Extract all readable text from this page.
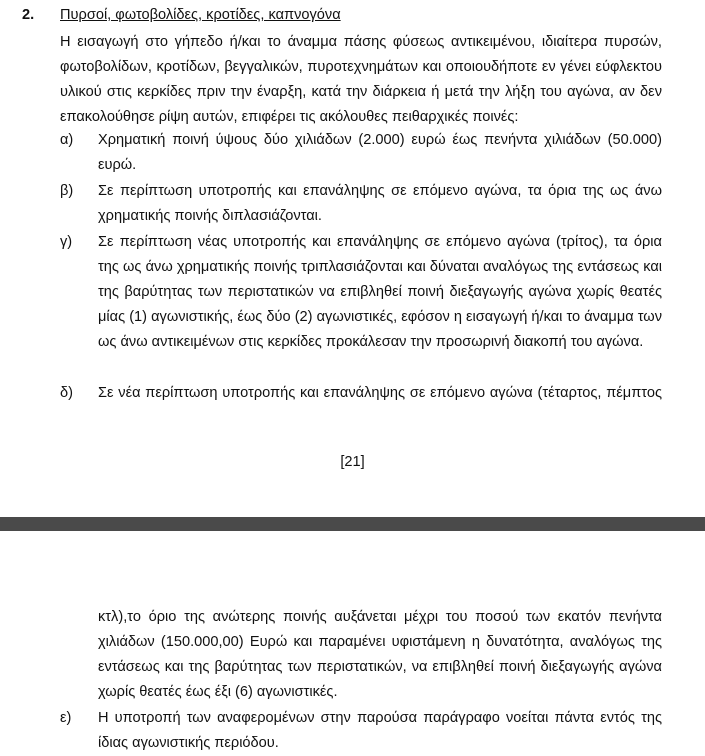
2. Πυρσοί, φωτοβολίδες, κροτίδες, καπνογόνα

Η εισαγωγή στο γήπεδο ή/και το άναμμα πάσης φύσεως αντικειμένου, ιδιαίτερα πυρσών, φωτοβολίδων, κροτίδων, βεγγαλικών, πυροτεχνημάτων και οποιουδήποτε εν γένει εύφλεκτου υλικού στις κερκίδες πριν την έναρξη, κατά την διάρκεια ή μετά την λήξη του αγώνα, αν δεν επακολούθησε ρίψη αυτών, επιφέρει τις ακόλουθες πειθαρχικές ποινές:

α) Χρηματική ποινή ύψους δύο χιλιάδων (2.000) ευρώ έως πενήντα χιλιάδων (50.000) ευρώ.

β) Σε περίπτωση υποτροπής και επανάληψης σε επόμενο αγώνα, τα όρια της ως άνω χρηματικής ποινής διπλασιάζονται.

γ) Σε περίπτωση νέας υποτροπής και επανάληψης σε επόμενο αγώνα (τρίτος), τα όρια της ως άνω χρηματικής ποινής τριπλασιάζονται και δύναται αναλόγως της εντάσεως και της βαρύτητας των περιστατικών να επιβληθεί ποινή διεξαγωγής αγώνα χωρίς θεατές μίας (1) αγωνιστικής, έως δύο (2) αγωνιστικές, εφόσον η εισαγωγή ή/και το άναμμα των ως άνω αντικειμένων στις κερκίδες προκάλεσαν την προσωρινή διακοπή του αγώνα.

δ) Σε νέα περίπτωση υποτροπής και επανάληψης σε επόμενο αγώνα (τέταρτος, πέμπτος

[21]

κτλ),το όριο της ανώτερης ποινής αυξάνεται μέχρι του ποσού των εκατόν πενήντα χιλιάδων (150.000,00) Ευρώ και παραμένει υφιστάμενη η δυνατότητα, αναλόγως της εντάσεως και της βαρύτητας των περιστατικών, να επιβληθεί ποινή διεξαγωγής αγώνα χωρίς θεατές έως έξι (6) αγωνιστικές.

ε) Η υποτροπή των αναφερομένων στην παρούσα παράγραφο νοείται πάντα εντός της ίδιας αγωνιστικής περιόδου.
